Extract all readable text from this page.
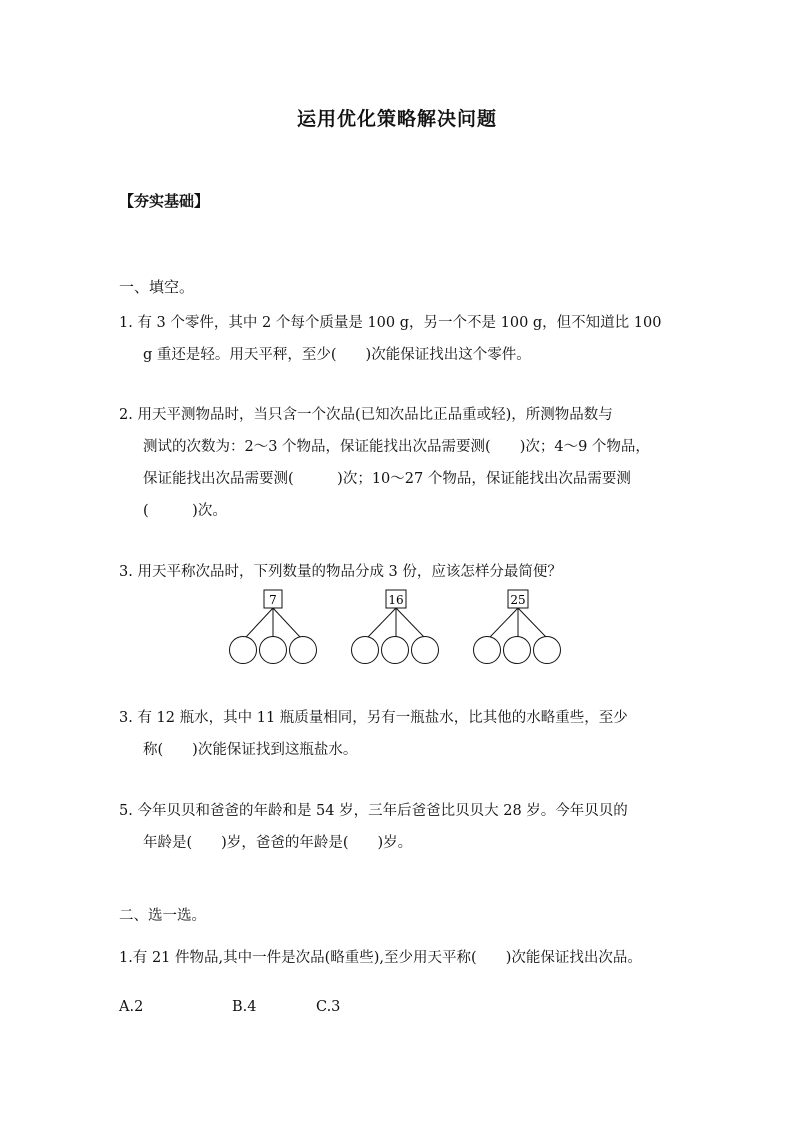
运用优化策略解决问题
【夯实基础】
一、填空。
1. 有 3 个零件，其中 2 个每个质量是 100 g，另一个不是 100 g，但不知道比 100
g 重还是轻。用天平秤，至少(　　)次能保证找出这个零件。
2. 用天平测物品时，当只含一个次品(已知次品比正品重或轻)，所测物品数与
测试的次数为：2～3 个物品，保证能找出次品需要测(　　)次；4～9 个物品，
保证能找出次品需要测(　　　)次；10～27 个物品，保证能找出次品需要测
(　　　)次。
3. 用天平称次品时，下列数量的物品分成 3 份，应该怎样分最简便？
7	16	25
3. 有 12 瓶水，其中 11 瓶质量相同，另有一瓶盐水，比其他的水略重些，至少
称(　　)次能保证找到这瓶盐水。
5. 今年贝贝和爸爸的年龄和是 54 岁，三年后爸爸比贝贝大 28 岁。今年贝贝的
年龄是(　　)岁，爸爸的年龄是(　　)岁。
二、选一选。
1.有 21 件物品,其中一件是次品(略重些),至少用天平称(　　)次能保证找出次品。
A.2	B.4	C.3
